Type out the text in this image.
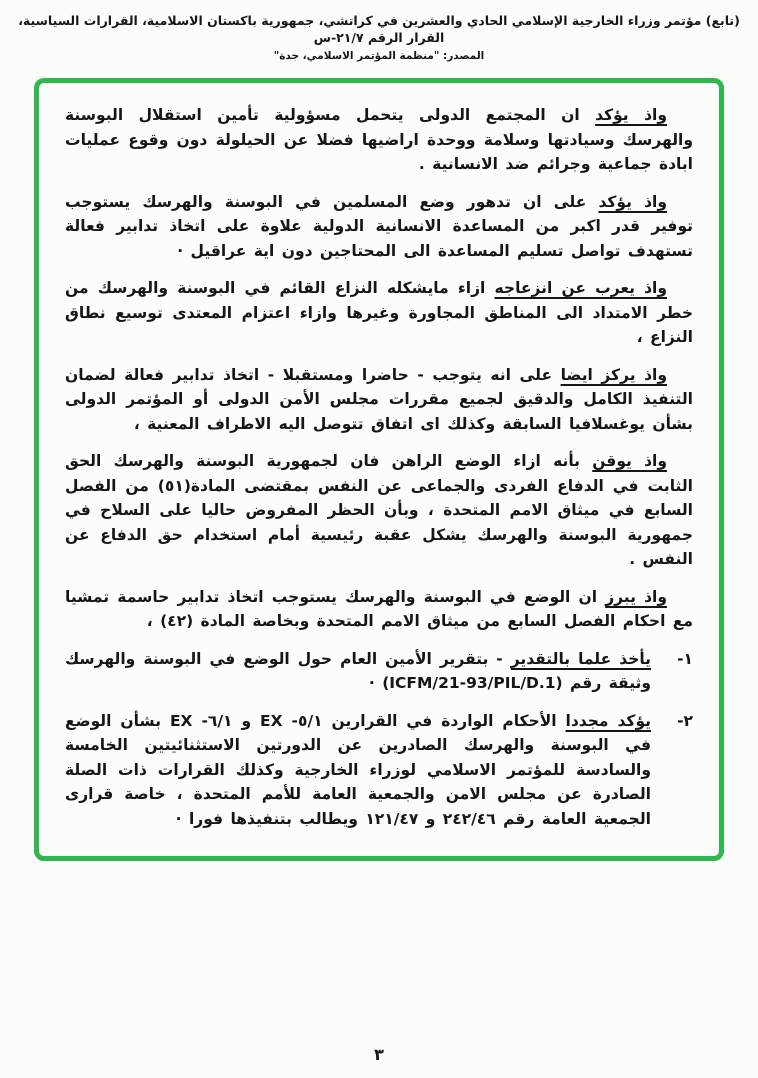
(تابع) مؤتمر وزراء الخارجية الإسلامي الحادي والعشرين في كراتشي، جمهورية باكستان الاسلامية، القرارات السياسية، القرار الرقم ٢١/٧-س
المصدر: "منظمة المؤتمر الاسلامي، جدة"
واذ يؤكد ان المجتمع الدولى يتحمل مسؤولية تأمين استقلال البوسنة والهرسك وسيادتها وسلامة ووحدة اراضيها فضلا عن الحيلولة دون وقوع عمليات ابادة جماعية وجرائم ضد الانسانية .
واذ يؤكد على ان تدهور وضع المسلمين في البوسنة والهرسك يستوجب توفير قدر اكبر من المساعدة الانسانية الدولية علاوة على اتخاذ تدابير فعالة تستهدف تواصل تسليم المساعدة الى المحتاجين دون اية عراقيل ·
واذ يعرب عن انزعاجه ازاء مايشكله النزاع القائم في البوسنة والهرسك من خطر الامتداد الى المناطق المجاورة وغيرها وازاء اعتزام المعتدى توسيع نطاق النزاع ،
واذ يركز ايضا على انه يتوجب - حاضرا ومستقبلا - اتخاذ تدابير فعالة لضمان التنفيذ الكامل والدقيق لجميع مقررات مجلس الأمن الدولى أو المؤتمر الدولى بشأن يوغسلافيا السابقة وكذلك اى اتفاق تتوصل اليه الاطراف المعنية ،
واذ يوقن بأنه ازاء الوضع الراهن فان لجمهورية البوسنة والهرسك الحق الثابت في الدفاع الفردى والجماعى عن النفس بمقتضى المادة(٥١) من الفصل السابع في ميثاق الامم المتحدة ، وبأن الحظر المفروض حاليا على السلاح في جمهورية البوسنة والهرسك يشكل عقبة رئيسية أمام استخدام حق الدفاع عن النفس .
واذ يبرز ان الوضع في البوسنة والهرسك يستوجب اتخاذ تدابير حاسمة تمشيا مع احكام الفصل السابع من ميثاق الامم المتحدة وبخاصة المادة (٤٢) ،
١-
يأخذ علما بالتقدير - بتقرير الأمين العام حول الوضع في البوسنة والهرسك وثيقة رقم (ICFM/21-93/PIL/D.1) ·
٢-
يؤكد مجددا الأحكام الواردة في القرارين ٥/١- EX و ٦/١- EX بشأن الوضع في البوسنة والهرسك الصادرين عن الدورتين الاستثنائيتين الخامسة والسادسة للمؤتمر الاسلامي لوزراء الخارجية وكذلك القرارات ذات الصلة الصادرة عن مجلس الامن والجمعية العامة للأمم المتحدة ، خاصة قرارى الجمعية العامة رقم ٢٤٢/٤٦ و ١٢١/٤٧ ويطالب بتنفيذها فورا ·
٣
